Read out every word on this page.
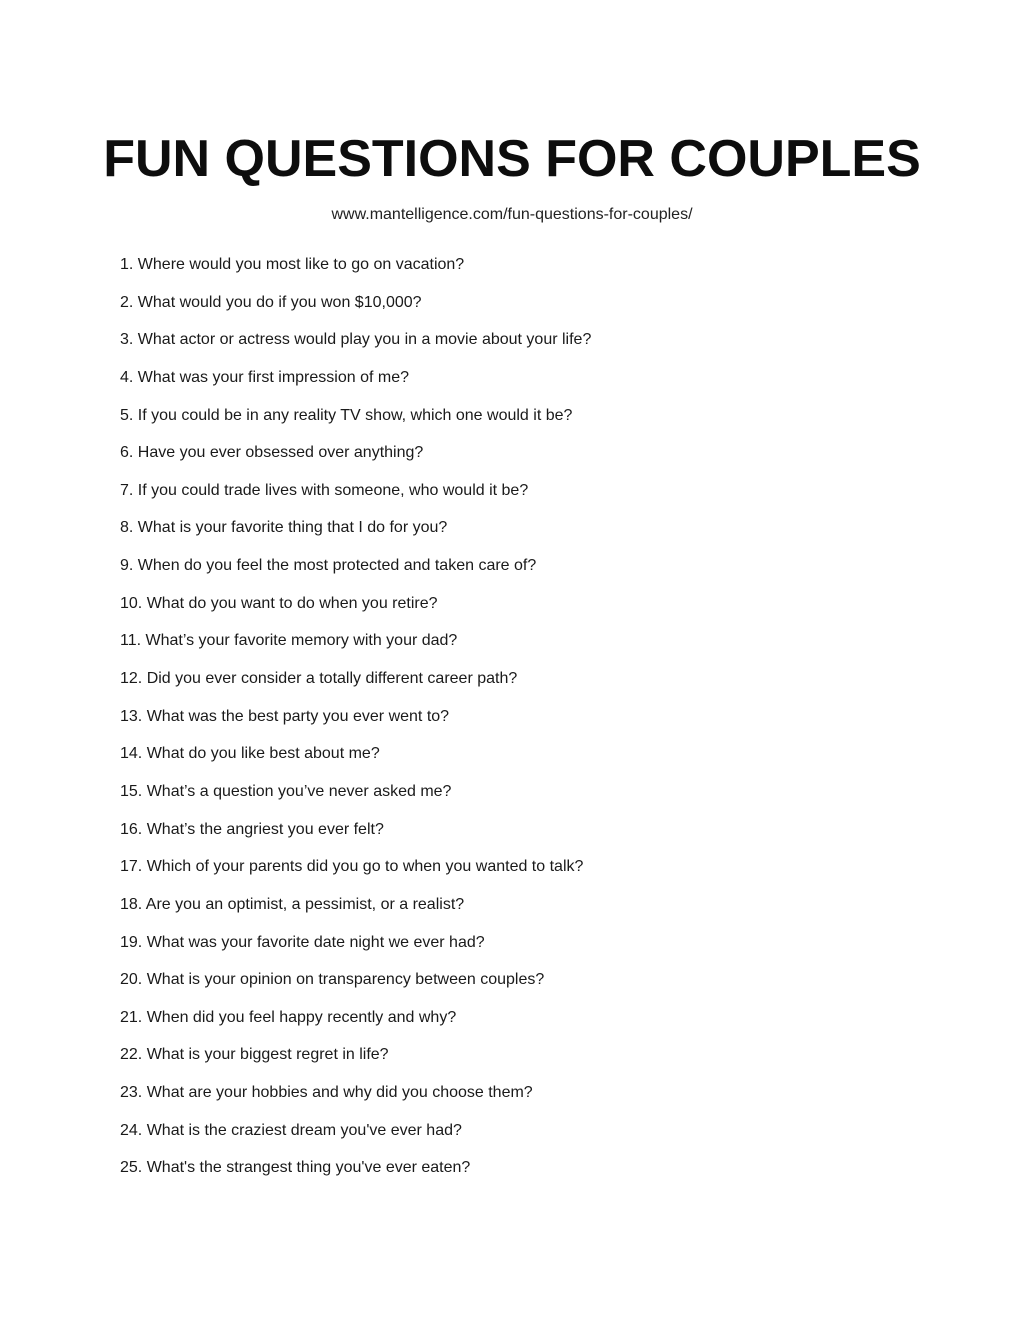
FUN QUESTIONS FOR COUPLES
www.mantelligence.com/fun-questions-for-couples/
1. Where would you most like to go on vacation?
2. What would you do if you won $10,000?
3. What actor or actress would play you in a movie about your life?
4. What was your first impression of me?
5. If you could be in any reality TV show, which one would it be?
6. Have you ever obsessed over anything?
7. If you could trade lives with someone, who would it be?
8. What is your favorite thing that I do for you?
9. When do you feel the most protected and taken care of?
10. What do you want to do when you retire?
11. What’s your favorite memory with your dad?
12. Did you ever consider a totally different career path?
13. What was the best party you ever went to?
14. What do you like best about me?
15. What’s a question you’ve never asked me?
16. What’s the angriest you ever felt?
17. Which of your parents did you go to when you wanted to talk?
18. Are you an optimist, a pessimist, or a realist?
19. What was your favorite date night we ever had?
20. What is your opinion on transparency between couples?
21. When did you feel happy recently and why?
22. What is your biggest regret in life?
23. What are your hobbies and why did you choose them?
24. What is the craziest dream you've ever had?
25. What's the strangest thing you've ever eaten?
